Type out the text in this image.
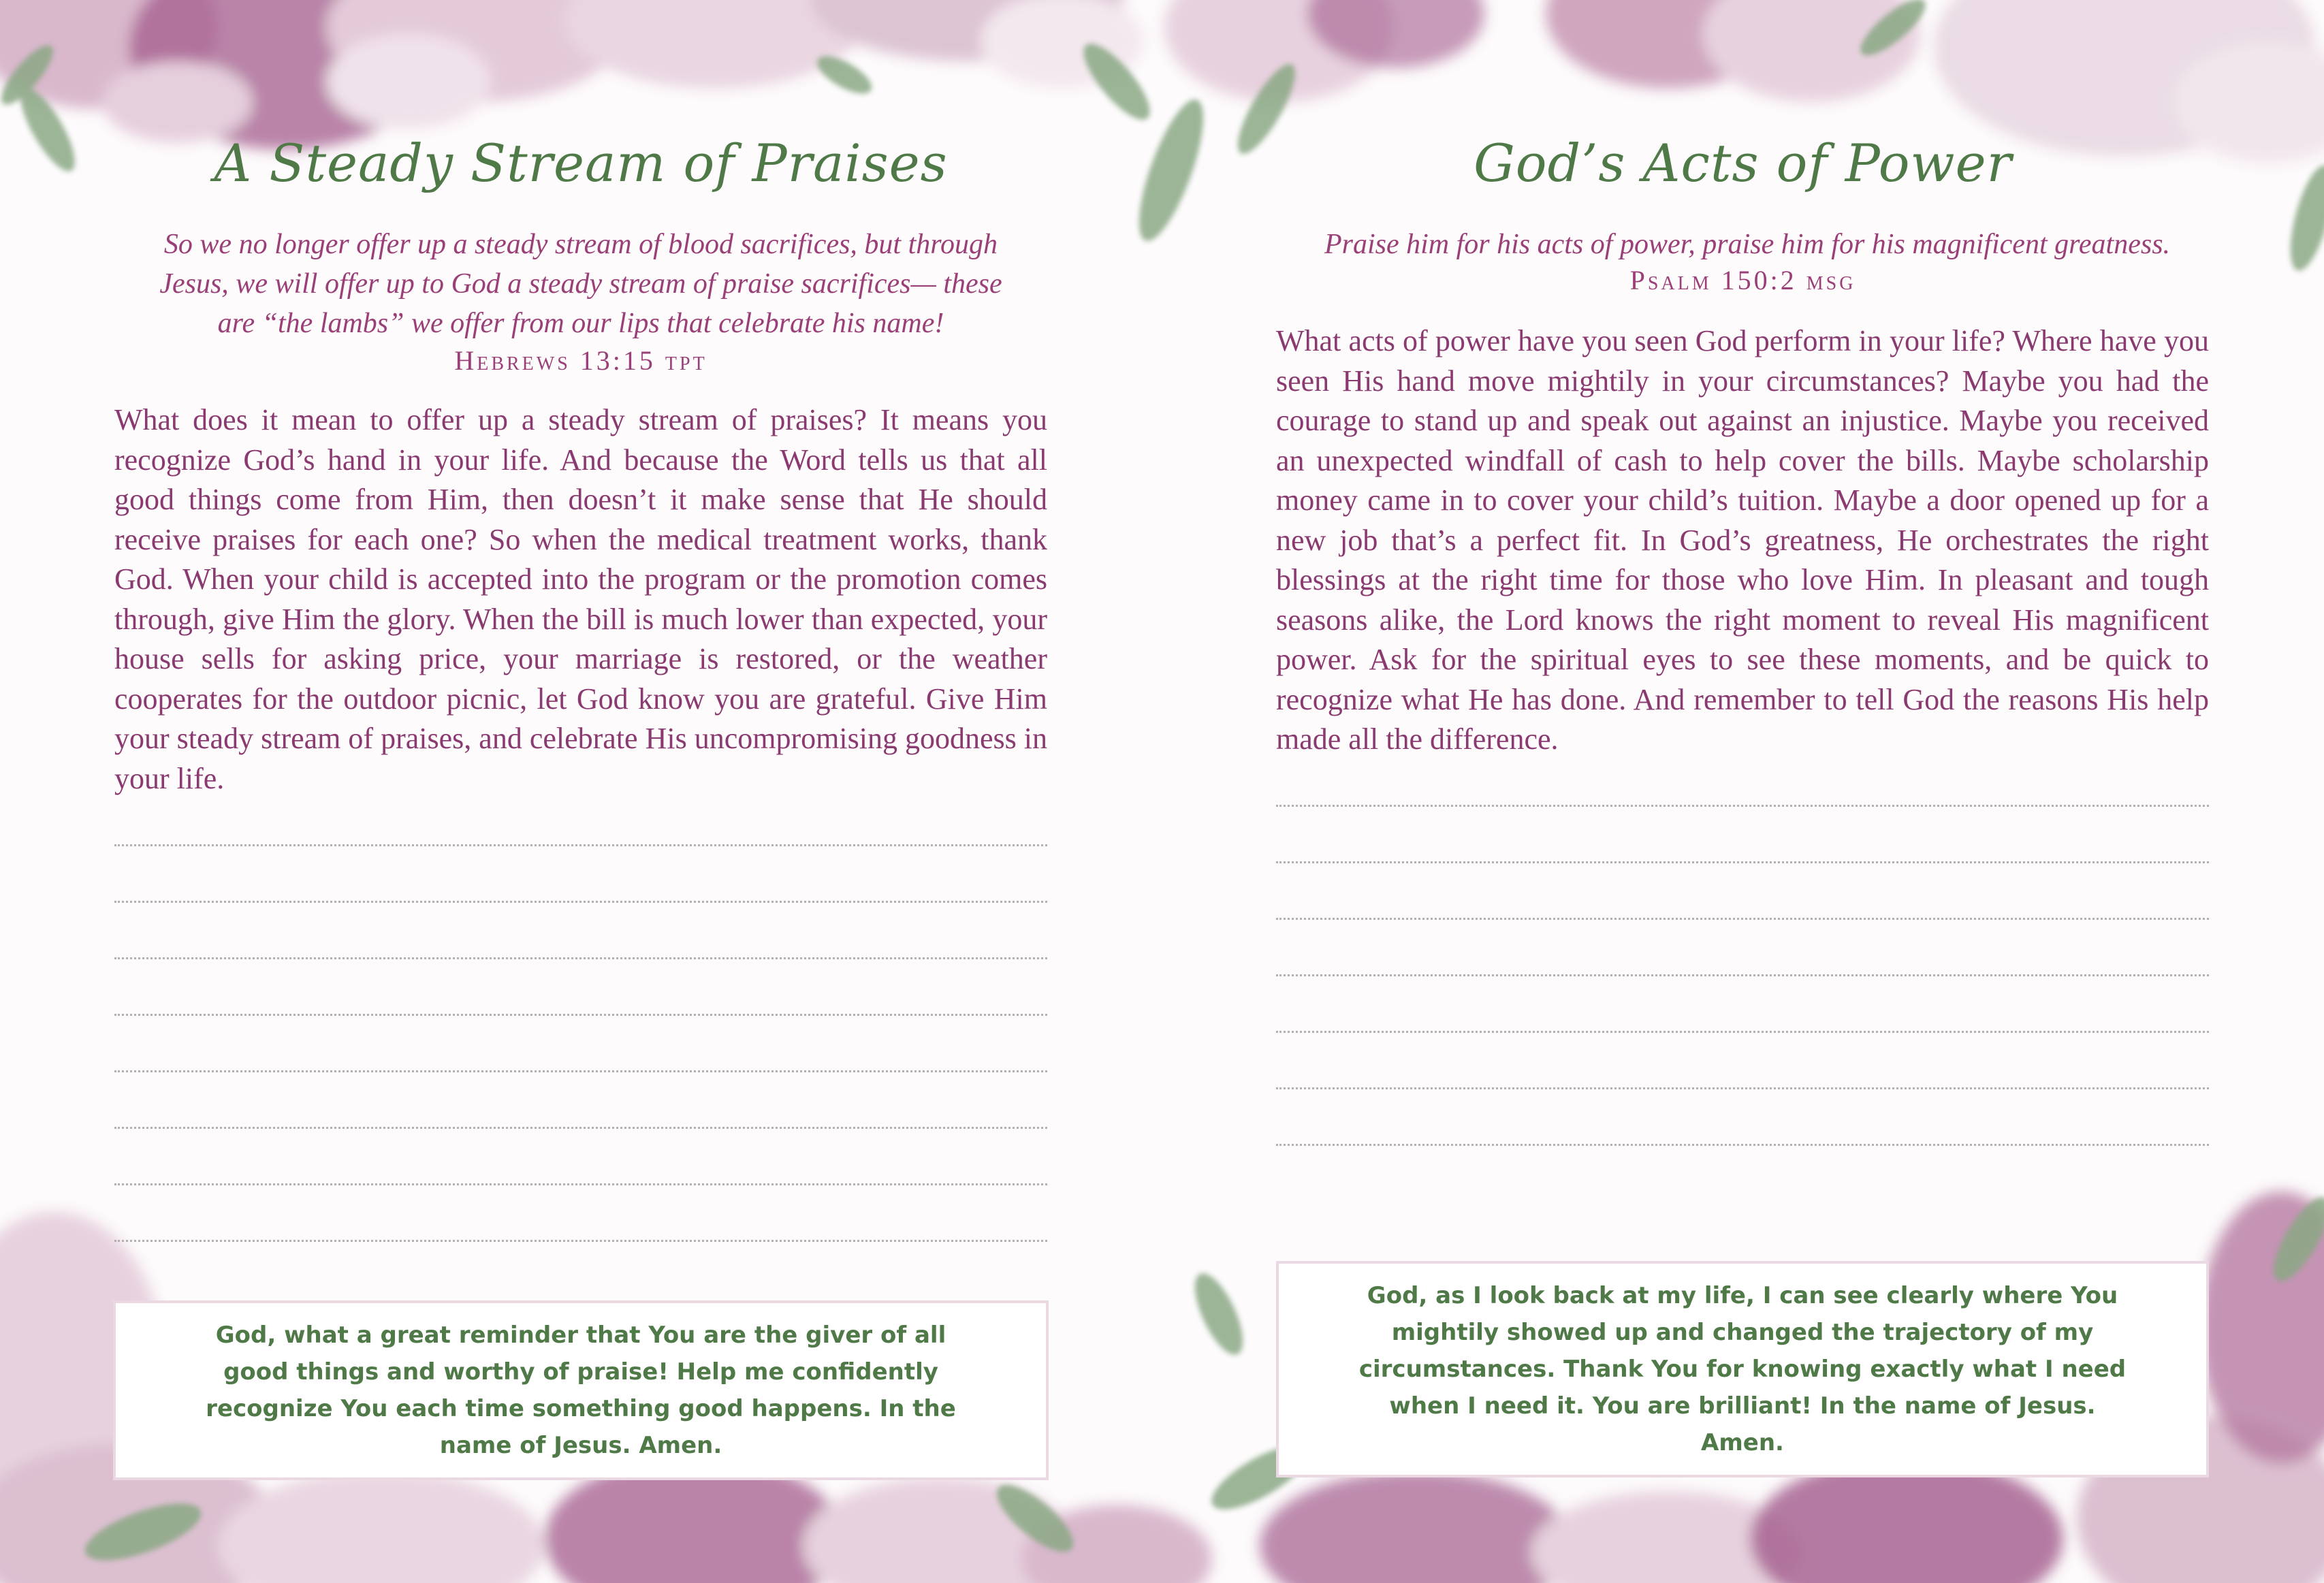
A Steady Stream of Praises
So we no longer offer up a steady stream of blood sacrifices, but through Jesus, we will offer up to God a steady stream of praise sacrifices— these are “the lambs” we offer from our lips that celebrate his name!
Hebrews 13:15 tpt
What does it mean to offer up a steady stream of praises? It means you recognize God’s hand in your life. And because the Word tells us that all good things come from Him, then doesn’t it make sense that He should receive praises for each one? So when the medical treatment works, thank God. When your child is accepted into the program or the promotion comes through, give Him the glory. When the bill is much lower than expected, your house sells for asking price, your marriage is restored, or the weather cooperates for the outdoor picnic, let God know you are grateful. Give Him your steady stream of praises, and celebrate His uncompromising goodness in your life.
God, what a great reminder that You are the giver of all good things and worthy of praise! Help me confidently recognize You each time something good happens. In the name of Jesus. Amen.
God’s Acts of Power
Praise him for his acts of power, praise him for his magnificent greatness.
Psalm 150:2 msg
What acts of power have you seen God perform in your life? Where have you seen His hand move mightily in your circumstances? Maybe you had the courage to stand up and speak out against an injustice. Maybe you received an unexpected windfall of cash to help cover the bills. Maybe scholarship money came in to cover your child’s tuition. Maybe a door opened up for a new job that’s a perfect fit. In God’s greatness, He orchestrates the right blessings at the right time for those who love Him. In pleasant and tough seasons alike, the Lord knows the right moment to reveal His magnificent power. Ask for the spiritual eyes to see these moments, and be quick to recognize what He has done. And remember to tell God the reasons His help made all the difference.
God, as I look back at my life, I can see clearly where You mightily showed up and changed the trajectory of my circumstances. Thank You for knowing exactly what I need when I need it. You are brilliant! In the name of Jesus. Amen.
